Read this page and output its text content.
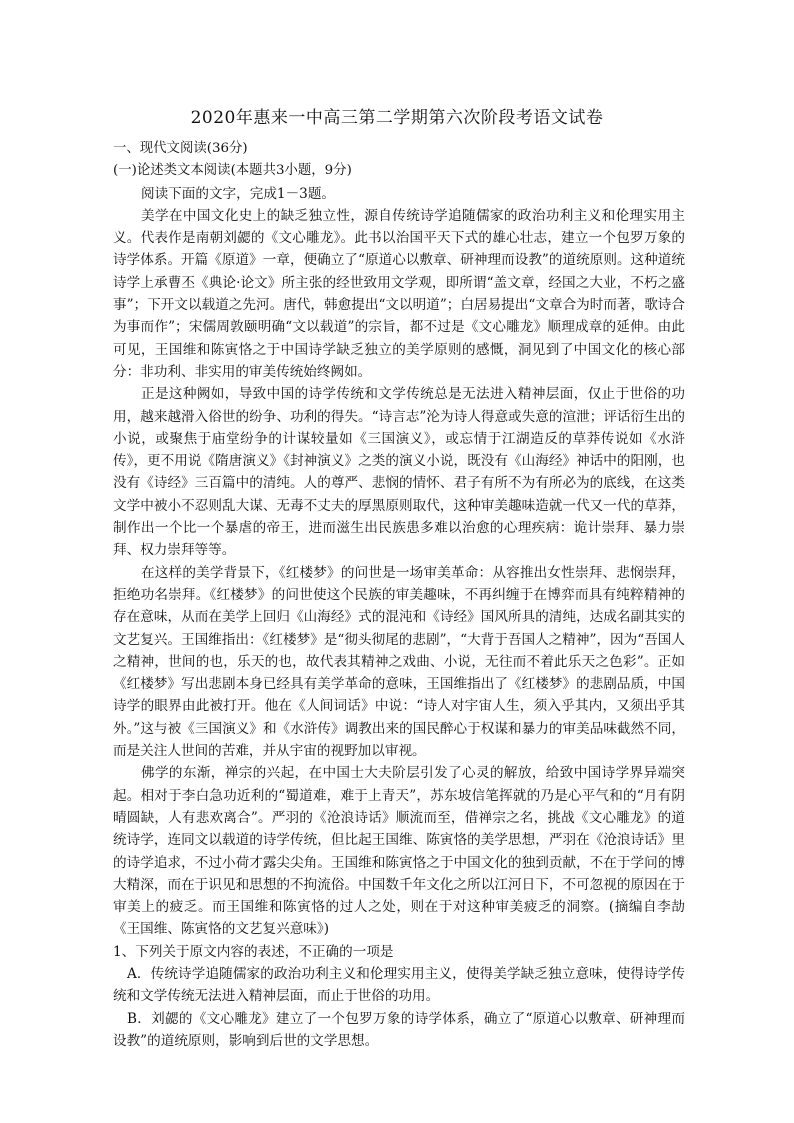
2020年惠来一中高三第二学期第六次阶段考语文试卷

一、现代文阅读(36分)

(一)论述类文本阅读(本题共3小题，9分)

阅读下面的文字，完成1－3题。

美学在中国文化史上的缺乏独立性，源自传统诗学追随儒家的政治功利主义和伦理实用主义。代表作是南朝刘勰的《文心雕龙》。此书以治国平天下式的雄心壮志，建立一个包罗万象的诗学体系。开篇《原道》一章，便确立了“原道心以敷章、研神理而设教”的道统原则。这种道统诗学上承曹丕《典论·论文》所主张的经世致用文学观，即所谓“盖文章，经国之大业，不朽之盛事”；下开文以载道之先河。唐代，韩愈提出“文以明道”；白居易提出“文章合为时而著，歌诗合为事而作”；宋儒周敦颐明确“文以载道”的宗旨，都不过是《文心雕龙》顺理成章的延伸。由此可见，王国维和陈寅恪之于中国诗学缺乏独立的美学原则的感慨，洞见到了中国文化的核心部分：非功利、非实用的审美传统始终阙如。

正是这种阙如，导致中国的诗学传统和文学传统总是无法进入精神层面，仅止于世俗的功用，越来越滑入俗世的纷争、功利的得失。“诗言志”沦为诗人得意或失意的渲泄；评话衍生出的小说，或聚焦于庙堂纷争的计谋较量如《三国演义》，或忘情于江湖造反的草莽传说如《水浒传》，更不用说《隋唐演义》《封神演义》之类的演义小说，既没有《山海经》神话中的阳刚，也没有《诗经》三百篇中的清纯。人的尊严、悲悯的情怀、君子有所不为有所必为的底线，在这类文学中被小不忍则乱大谋、无毒不丈夫的厚黑原则取代，这种审美趣味造就一代又一代的草莽，制作出一个比一个暴虐的帝王，进而滋生出民族患多难以治愈的心理疾病：诡计崇拜、暴力崇拜、权力崇拜等等。

在这样的美学背景下，《红楼梦》的问世是一场审美革命：从容推出女性崇拜、悲悯崇拜，拒绝功名崇拜。《红楼梦》的问世使这个民族的审美趣味，不再纠缠于在博弈而具有纯粹精神的存在意味，从而在美学上回归《山海经》式的混沌和《诗经》国风所具的清纯，达成名副其实的文艺复兴。王国维指出：《红楼梦》是“彻头彻尾的悲剧”，“大背于吾国人之精神”，因为“吾国人之精神，世间的也，乐天的也，故代表其精神之戏曲、小说，无往而不着此乐天之色彩”。正如《红楼梦》写出悲剧本身已经具有美学革命的意味，王国维指出了《红楼梦》的悲剧品质，中国诗学的眼界由此被打开。他在《人间词话》中说：“诗人对宇宙人生，须入乎其内，又须出乎其外。”这与被《三国演义》和《水浒传》调教出来的国民醉心于权谋和暴力的审美品味截然不同，而是关注人世间的苦难，并从宇宙的视野加以审视。

佛学的东渐，禅宗的兴起，在中国士大夫阶层引发了心灵的解放，给致中国诗学界异端突起。相对于李白急功近利的“蜀道难，难于上青天”，苏东坡信笔挥就的乃是心平气和的“月有阴晴圆缺，人有悲欢离合”。严羽的《沧浪诗话》顺流而至，借禅宗之名，挑战《文心雕龙》的道统诗学，连同文以载道的诗学传统，但比起王国维、陈寅恪的美学思想，严羽在《沧浪诗话》里的诗学追求，不过小荷才露尖尖角。王国维和陈寅恪之于中国文化的独到贡献，不在于学问的博大精深，而在于识见和思想的不拘流俗。中国数千年文化之所以江河日下，不可忽视的原因在于审美上的疲乏。而王国维和陈寅恪的过人之处，则在于对这种审美疲乏的洞察。(摘编自李劼《王国维、陈寅恪的文艺复兴意味》)

1、下列关于原文内容的表述，不正确的一项是

A．传统诗学追随儒家的政治功利主义和伦理实用主义，使得美学缺乏独立意味，使得诗学传统和文学传统无法进入精神层面，而止于世俗的功用。

B．刘勰的《文心雕龙》建立了一个包罗万象的诗学体系，确立了“原道心以敷章、研神理而设教”的道统原则，影响到后世的文学思想。
